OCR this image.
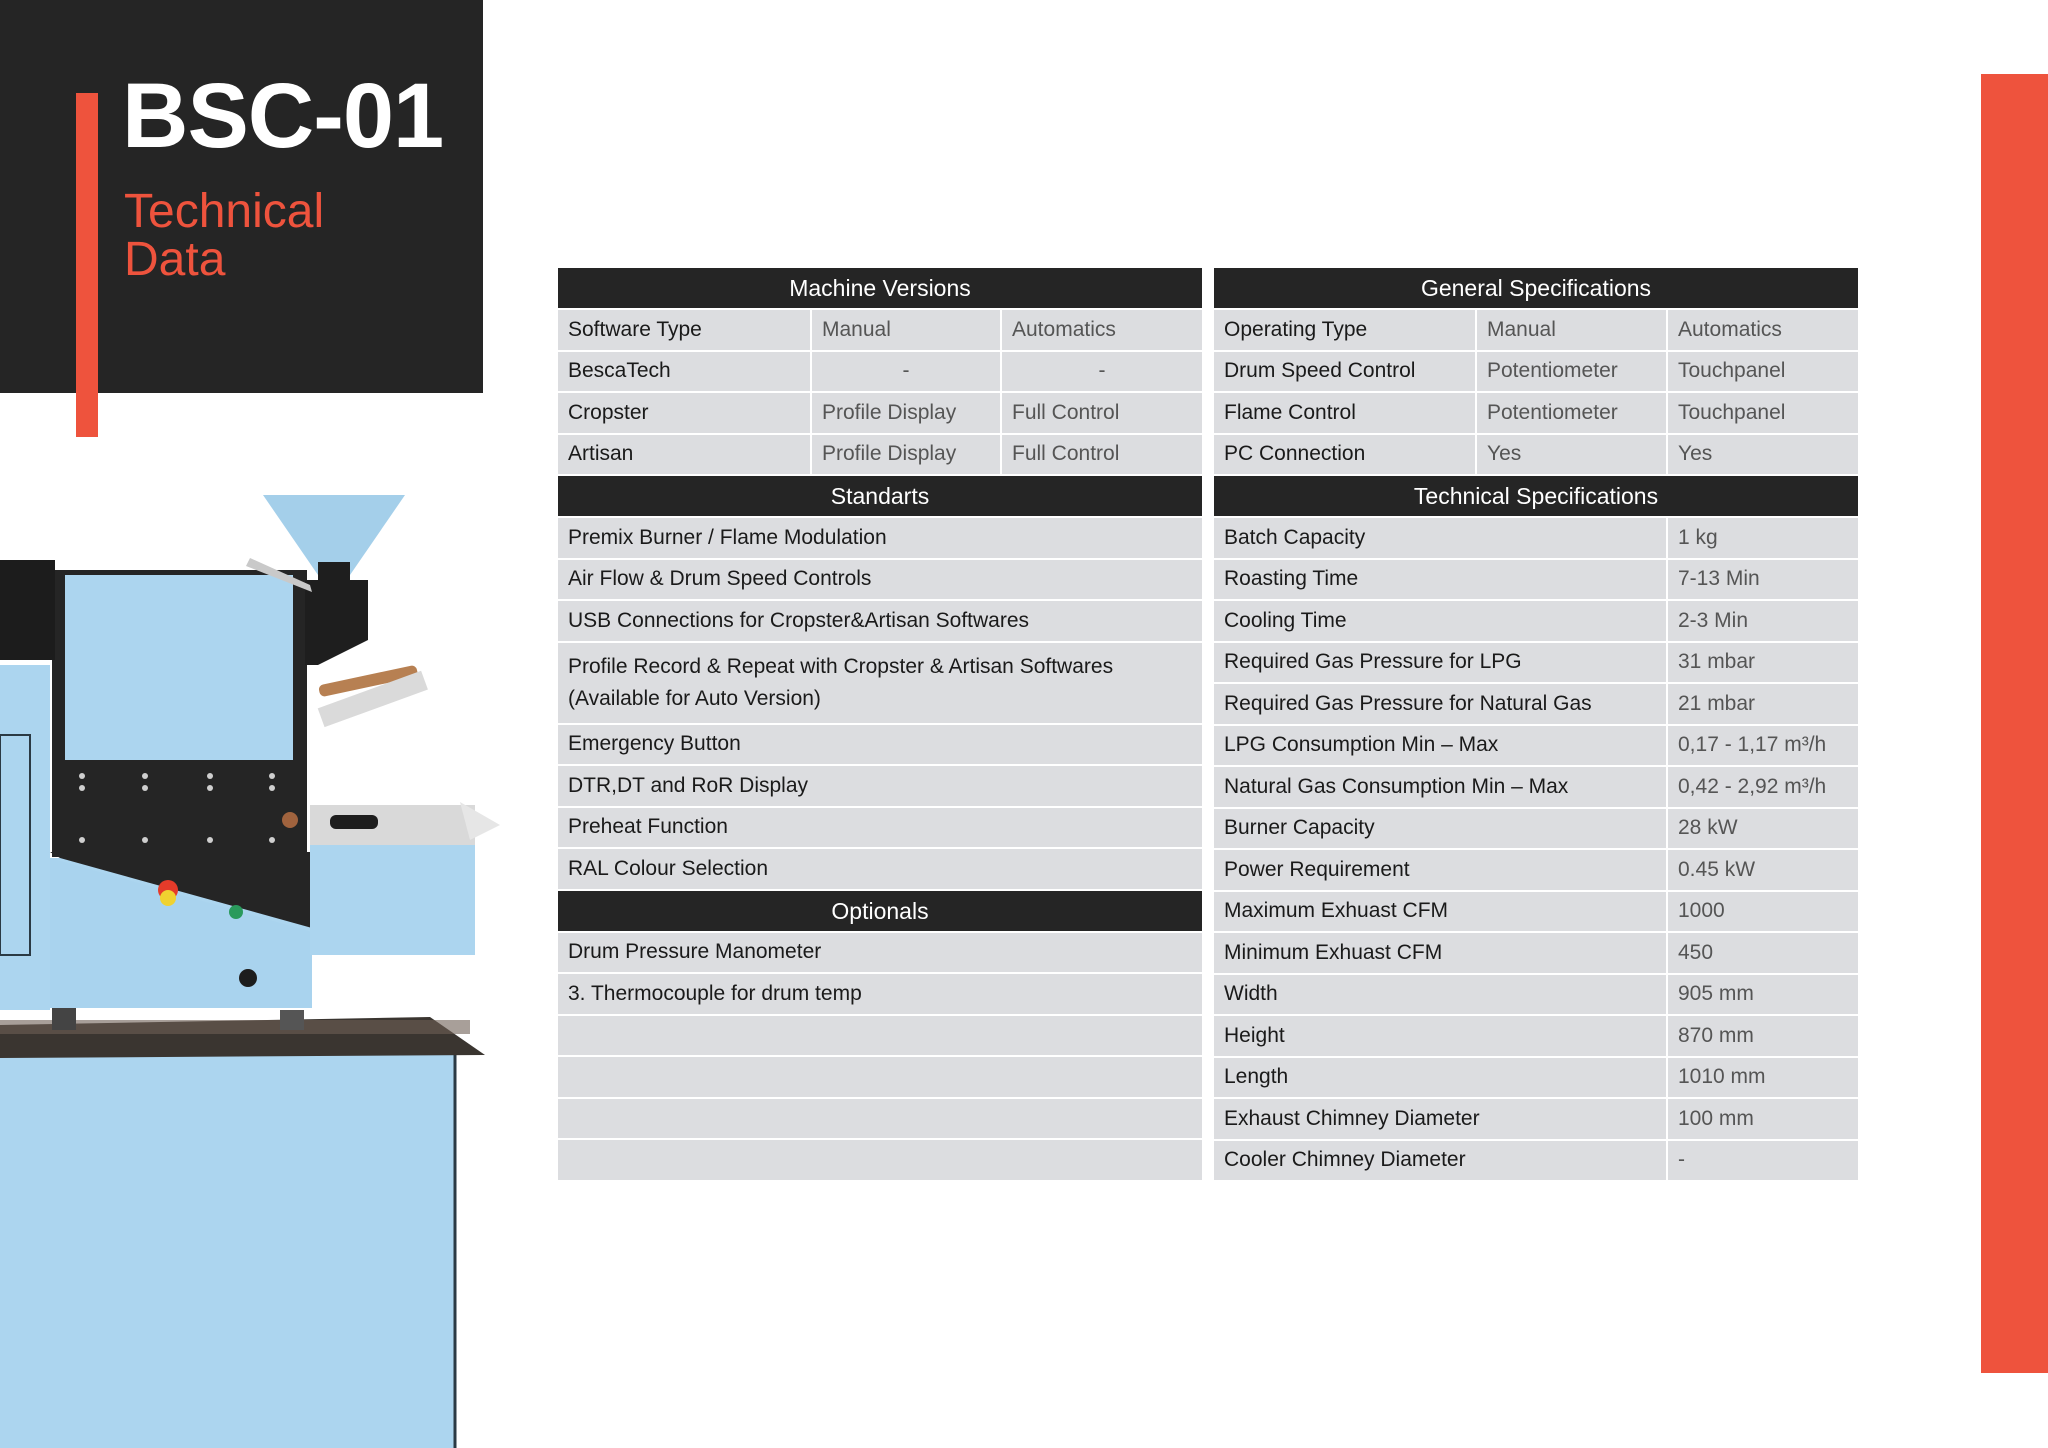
BSC-01
Technical
Data
Machine Versions
Software Type	Manual	Automatics
BescaTech	-	-
Cropster	Profile Display	Full Control
Artisan	Profile Display	Full Control
Standarts
Premix Burner / Flame Modulation
Air Flow & Drum Speed Controls
USB Connections for Cropster&Artisan Softwares
Profile Record & Repeat with Cropster & Artisan Softwares (Available for Auto Version)
Emergency Button
DTR,DT and RoR Display
Preheat Function
RAL Colour Selection
Optionals
Drum Pressure Manometer
3. Thermocouple for drum temp
General Specifications
Operating Type	Manual	Automatics
Drum Speed Control	Potentiometer	Touchpanel
Flame Control	Potentiometer	Touchpanel
PC Connection	Yes	Yes
Technical Specifications
Batch Capacity	1 kg
Roasting Time	7-13 Min
Cooling Time	2-3 Min
Required Gas Pressure for LPG	31 mbar
Required Gas Pressure for Natural Gas	21 mbar
LPG Consumption Min – Max	0,17 - 1,17 m³/h
Natural Gas Consumption Min – Max	0,42 - 2,92 m³/h
Burner Capacity	28 kW
Power Requirement	0.45 kW
Maximum Exhuast CFM	1000
Minimum Exhuast CFM	450
Width	905 mm
Height	870 mm
Length	1010 mm
Exhaust Chimney Diameter	100 mm
Cooler Chimney Diameter	-
